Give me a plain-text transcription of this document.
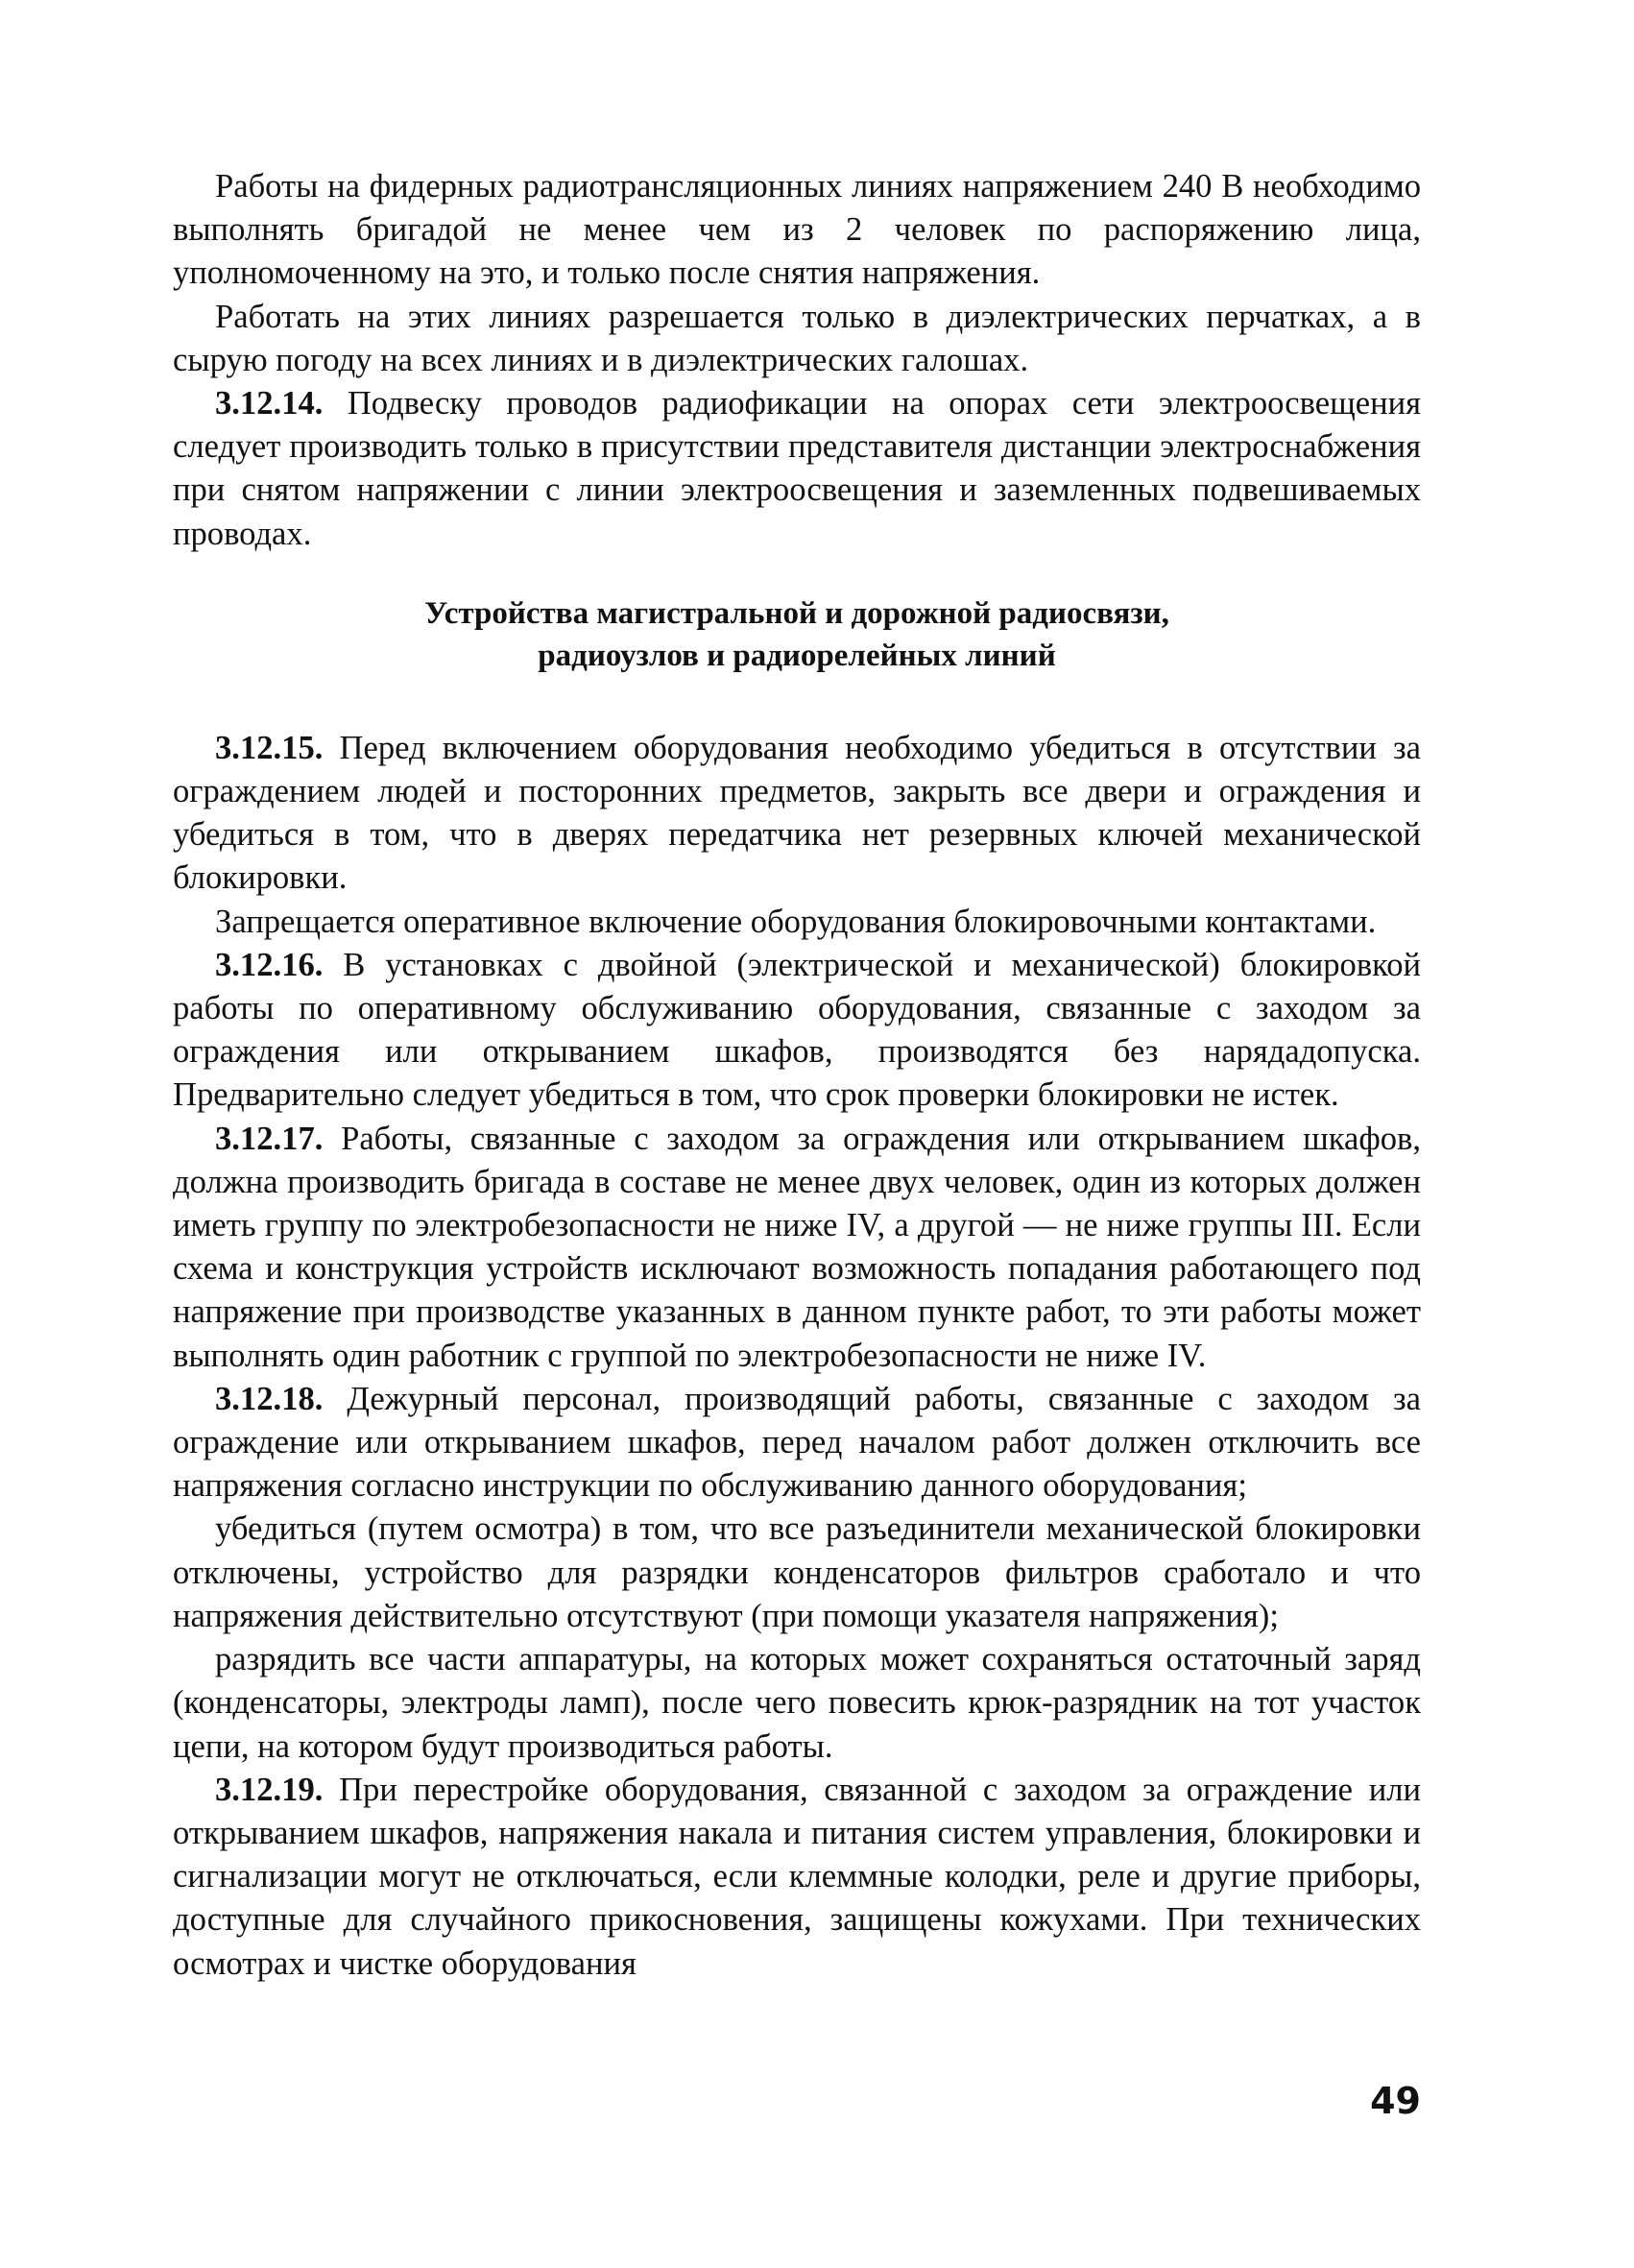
Работы на фидерных радиотрансляционных линиях напряжением 240 В необходимо выполнять бригадой не менее чем из 2 человек по распоряжению лица, уполномоченному на это, и только после снятия напряжения.

Работать на этих линиях разрешается только в диэлектрических перчатках, а в сырую погоду на всех линиях и в диэлектрических галошах.

3.12.14. Подвеску проводов радиофикации на опорах сети электроосвещения следует производить только в присутствии представителя дистанции электроснабжения при снятом напряжении с линии электроосвещения и заземленных подвешиваемых проводах.

Устройства магистральной и дорожной радиосвязи,
радиоузлов и радиорелейных линий

3.12.15. Перед включением оборудования необходимо убедиться в отсутствии за ограждением людей и посторонних предметов, закрыть все двери и ограждения и убедиться в том, что в дверях передатчика нет резервных ключей механической блокировки.

Запрещается оперативное включение оборудования блокировочными контактами.

3.12.16. В установках с двойной (электрической и механической) блокировкой работы по оперативному обслуживанию оборудования, связанные с заходом за ограждения или открыванием шкафов, производятся без нарядадопуска. Предварительно следует убедиться в том, что срок проверки блокировки не истек.

3.12.17. Работы, связанные с заходом за ограждения или открыванием шкафов, должна производить бригада в составе не менее двух человек, один из которых должен иметь группу по электробезопасности не ниже IV, а другой — не ниже группы III. Если схема и конструкция устройств исключают возможность попадания работающего под напряжение при производстве указанных в данном пункте работ, то эти работы может выполнять один работник с группой по электробезопасности не ниже IV.

3.12.18. Дежурный персонал, производящий работы, связанные с заходом за ограждение или открыванием шкафов, перед началом работ должен отключить все напряжения согласно инструкции по обслуживанию данного оборудования;

убедиться (путем осмотра) в том, что все разъединители механической блокировки отключены, устройство для разрядки конденсаторов фильтров сработало и что напряжения действительно отсутствуют (при помощи указателя напряжения);

разрядить все части аппаратуры, на которых может сохраняться остаточный заряд (конденсаторы, электроды ламп), после чего повесить крюк-разрядник на тот участок цепи, на котором будут производиться работы.

3.12.19. При перестройке оборудования, связанной с заходом за ограждение или открыванием шкафов, напряжения накала и питания систем управления, блокировки и сигнализации могут не отключаться, если клеммные колодки, реле и другие приборы, доступные для случайного прикосновения, защищены кожухами. При технических осмотрах и чистке оборудования

49
